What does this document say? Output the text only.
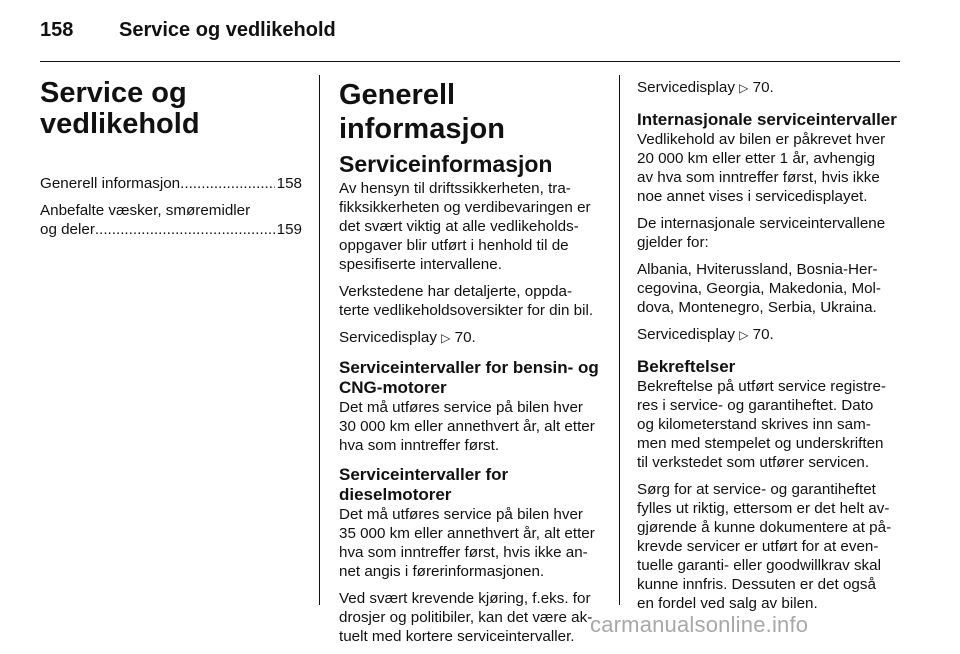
158 Service og vedlikehold
Service og
vedlikehold
Generell informasjon .....	158
Anbefalte væsker, smøremidler
og deler .....	159
Generell informasjon
Serviceinformasjon

Av hensyn til driftssikkerheten, tra-
fikksikkerheten og verdibevaringen er
det svært viktig at alle vedlikeholds-
oppgaver blir utført i henhold til de
spesifiserte intervallene.

Verkstedene har detaljerte, oppda-
terte vedlikeholdsoversikter for din bil.

Servicedisplay ▷ 70.

Serviceintervaller for bensin- og
CNG-motorer

Det må utføres service på bilen hver
30 000 km eller annethvert år, alt etter
hva som inntreffer først.

Serviceintervaller for
dieselmotorer

Det må utføres service på bilen hver
35 000 km eller annethvert år, alt etter
hva som inntreffer først, hvis ikke an-
net angis i førerinformasjonen.

Ved svært krevende kjøring, f.eks. for
drosjer og politibiler, kan det være ak-
tuelt med kortere serviceintervaller.

Servicedisplay ▷ 70.

Internasjonale serviceintervaller

Vedlikehold av bilen er påkrevet hver
20 000 km eller etter 1 år, avhengig
av hva som inntreffer først, hvis ikke
noe annet vises i servicedisplayet.

De internasjonale serviceintervallene
gjelder for:

Albania, Hviterussland, Bosnia-Her-
cegovina, Georgia, Makedonia, Mol-
dova, Montenegro, Serbia, Ukraina.

Servicedisplay ▷ 70.

Bekreftelser

Bekreftelse på utført service registre-
res i service- og garantiheftet. Dato
og kilometerstand skrives inn sam-
men med stempelet og underskriften
til verkstedet som utfører servicen.

Sørg for at service- og garantiheftet
fylles ut riktig, ettersom er det helt av-
gjørende å kunne dokumentere at på-
krevde servicer er utført for at even-
tuelle garanti- eller goodwillkrav skal
kunne innfris. Dessuten er det også
en fordel ved salg av bilen.

carmanualsonline.info
